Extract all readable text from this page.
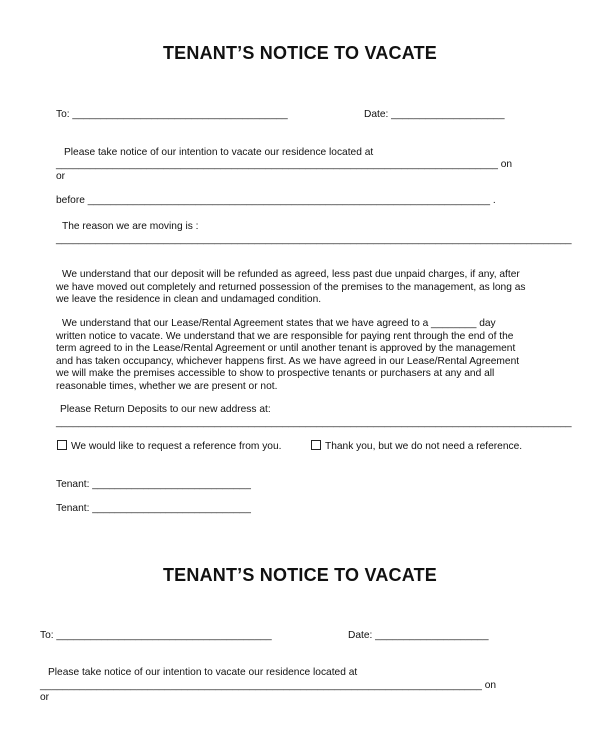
TENANT’S NOTICE TO VACATE
To: ______________________________________	Date: ____________________
Please take notice of our intention to vacate our residence located at
______________________________________________________________________________ on
or
before _______________________________________________________________________ .
The reason we are moving is :
___________________________________________________________________________________________
We understand that our deposit will be refunded as agreed, less past due unpaid charges, if any, after
we have moved out completely and returned possession of the premises to the management, as long as
we leave the residence in clean and undamaged condition.
We understand that our Lease/Rental Agreement states that we have agreed to a ________ day
written notice to vacate. We understand that we are responsible for paying rent through the end of the
term agreed to in the Lease/Rental Agreement or until another tenant is approved by the management
and has taken occupancy, whichever happens first. As we have agreed in our Lease/Rental Agreement
we will make the premises accessible to show to prospective tenants or purchasers at any and all
reasonable times, whether we are present or not.
Please Return Deposits to our new address at:
___________________________________________________________________________________________
We would like to request a reference from you.	Thank you, but we do not need a reference.
Tenant: ____________________________
Tenant: ____________________________
TENANT’S NOTICE TO VACATE
To: ______________________________________	Date: ____________________
Please take notice of our intention to vacate our residence located at
______________________________________________________________________________ on
or
